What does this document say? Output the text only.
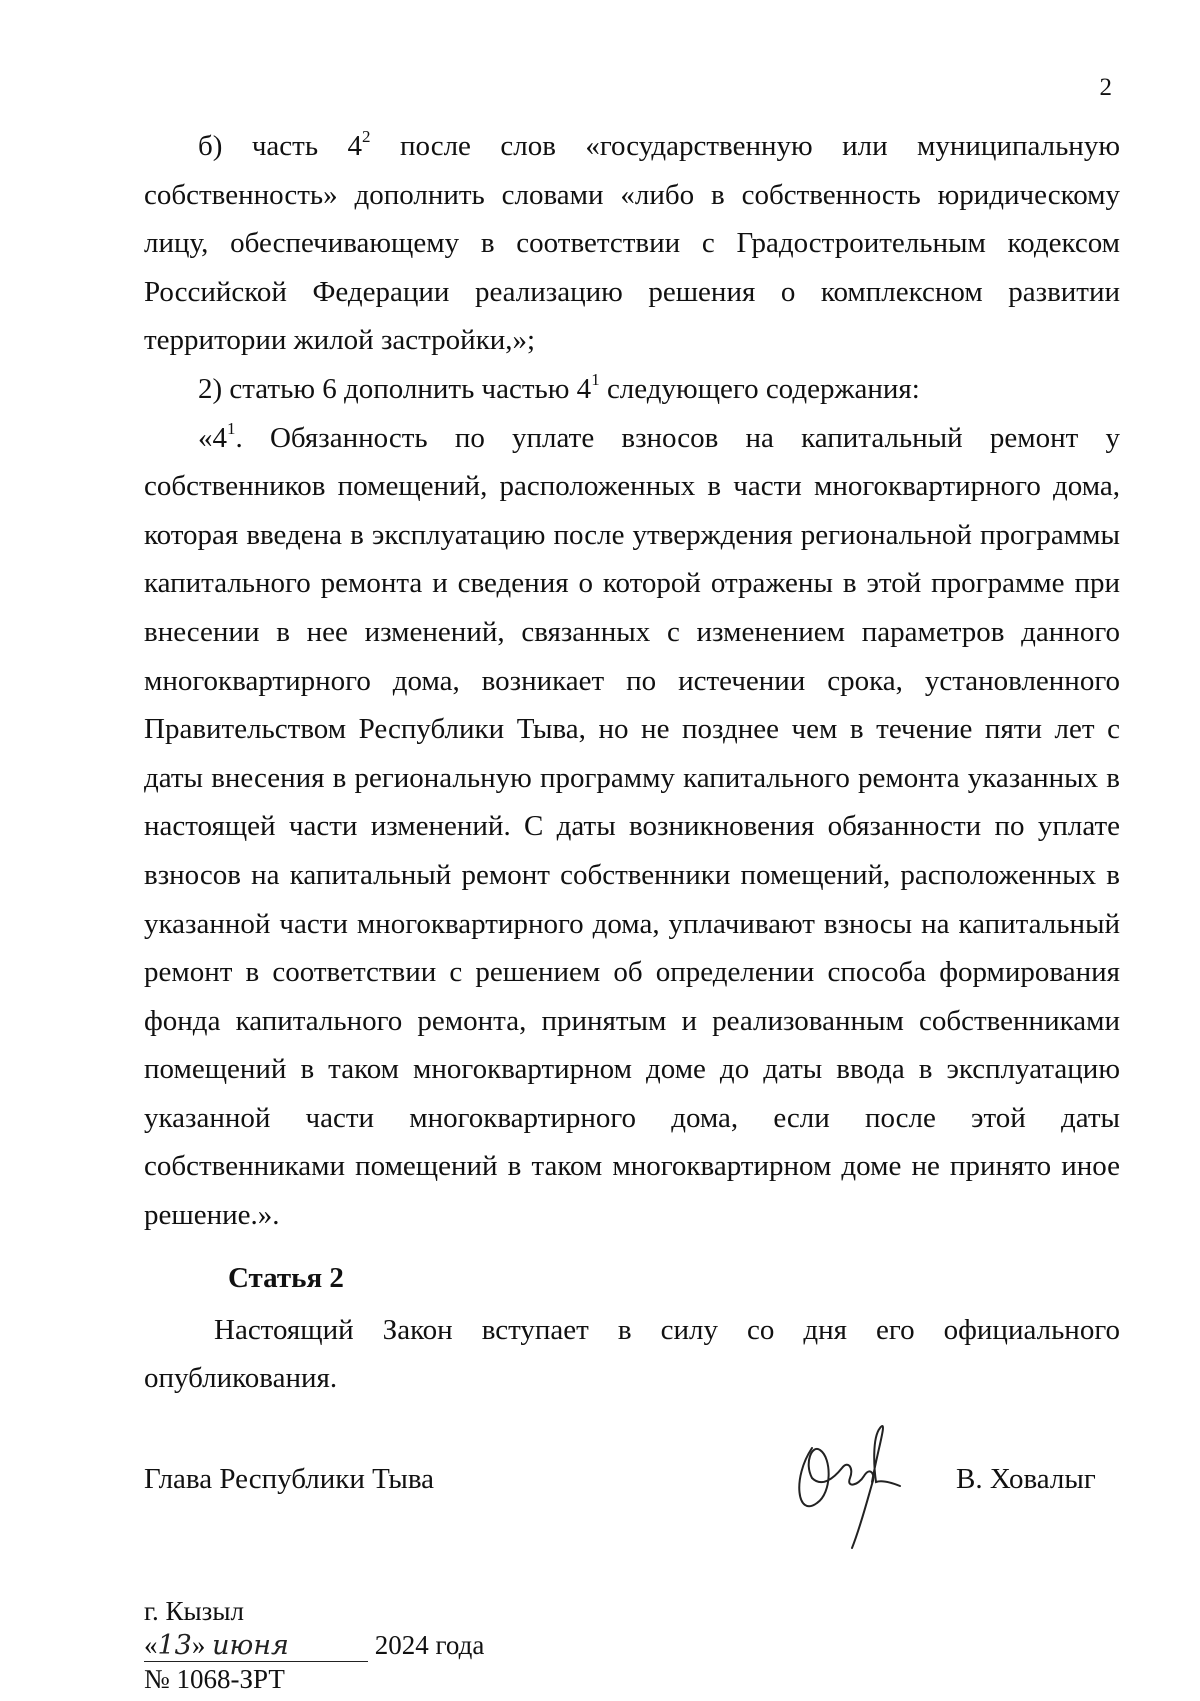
2

б) часть $4^2$ после слов «государственную или муниципальную собственность» дополнить словами «либо в собственность юридическому лицу, обеспечивающему в соответствии с Градостроительным кодексом Российской Федерации реализацию решения о комплексном развитии территории жилой застройки,»;

2) статью 6 дополнить частью $4^1$ следующего содержания:

«$4^1$. Обязанность по уплате взносов на капитальный ремонт у собственников помещений, расположенных в части многоквартирного дома, которая введена в эксплуатацию после утверждения региональной программы капитального ремонта и сведения о которой отражены в этой программе при внесении в нее изменений, связанных с изменением параметров данного многоквартирного дома, возникает по истечении срока, установленного Правительством Республики Тыва, но не позднее чем в течение пяти лет с даты внесения в региональную программу капитального ремонта указанных в настоящей части изменений. С даты возникновения обязанности по уплате взносов на капитальный ремонт собственники помещений, расположенных в указанной части многоквартирного дома, уплачивают взносы на капитальный ремонт в соответствии с решением об определении способа формирования фонда капитального ремонта, принятым и реализованным собственниками помещений в таком многоквартирном доме до даты ввода в эксплуатацию указанной части многоквартирного дома, если после этой даты собственниками помещений в таком многоквартирном доме не принято иное решение.».

Статья 2
Настоящий Закон вступает в силу со дня его официального опубликования.
Глава Республики Тыва	В. Ховалыг
г. Кызыл
«13» июня	2024 года
№ 1068-ЗРТ
